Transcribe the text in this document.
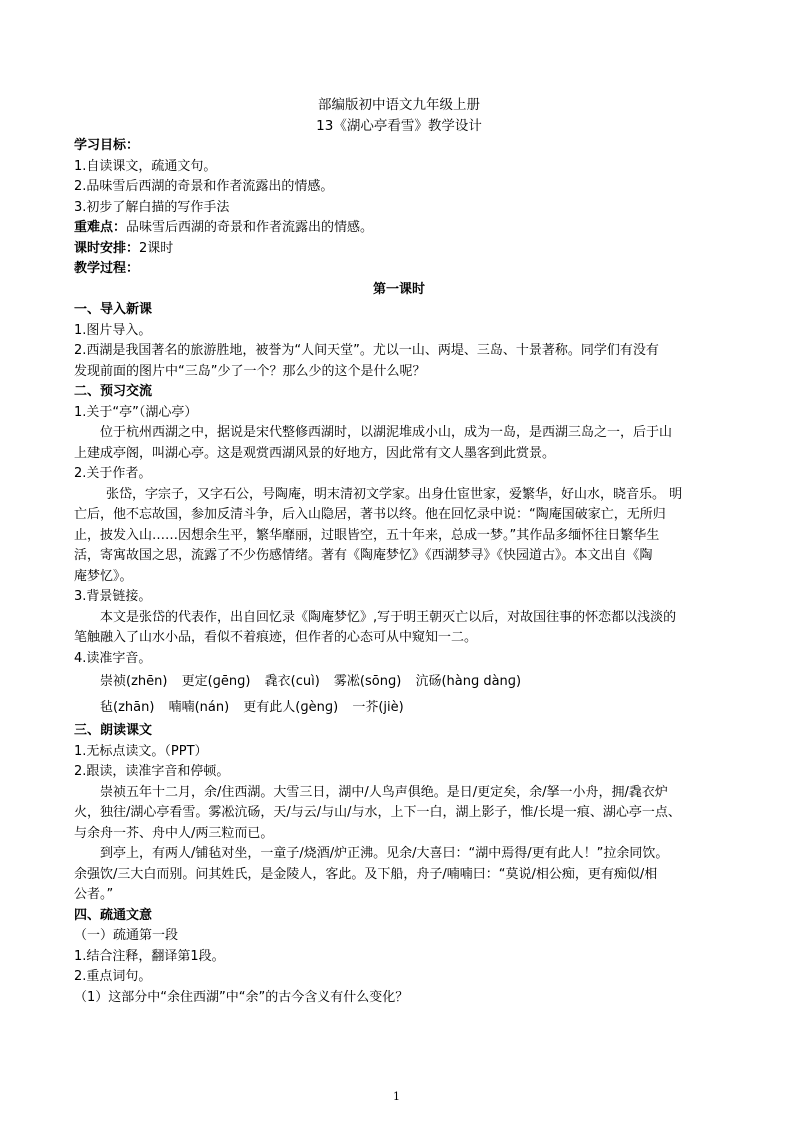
部编版初中语文九年级上册
13《湖心亭看雪》教学设计
学习目标：
1.自读课文，疏通文句。
2.品味雪后西湖的奇景和作者流露出的情感。
3.初步了解白描的写作手法
重难点：品味雪后西湖的奇景和作者流露出的情感。
课时安排：2课时
教学过程：
第一课时
一、导入新课
1.图片导入。
2.西湖是我国著名的旅游胜地，被誉为“人间天堂”。尤以一山、两堤、三岛、十景著称。同学们有没有
发现前面的图片中“三岛”少了一个？那么少的这个是什么呢？
二、预习交流
1.关于“亭”（湖心亭）
位于杭州西湖之中，据说是宋代整修西湖时，以湖泥堆成小山，成为一岛，是西湖三岛之一，后于山
上建成亭阁，叫湖心亭。这是观赏西湖风景的好地方，因此常有文人墨客到此赏景。
2.关于作者。
张岱，字宗子，又字石公，号陶庵，明末清初文学家。出身仕宦世家，爱繁华，好山水，晓音乐。 明
亡后，他不忘故国，参加反清斗争，后入山隐居，著书以终。他在回忆录中说：“陶庵国破家亡，无所归
止，披发入山……因想余生平，繁华靡丽，过眼皆空，五十年来，总成一梦。”其作品多缅怀往日繁华生
活，寄寓故国之思，流露了不少伤感情绪。著有《陶庵梦忆》《西湖梦寻》《快园道古》。本文出自《陶
庵梦忆》。
3.背景链接。
本文是张岱的代表作，出自回忆录《陶庵梦忆》,写于明王朝灭亡以后，对故国往事的怀恋都以浅淡的
笔触融入了山水小品，看似不着痕迹，但作者的心态可从中窥知一二。
4.读准字音。
崇祯(zhēn) 更定(ɡēnɡ) 毳衣(cuì) 雾凇(sōnɡ) 沆砀(hànɡ dànɡ)
毡(zhān) 喃喃(nán) 更有此人(ɡènɡ) 一芥(jiè)
三、朗读课文
1.无标点读文。（PPT）
2.跟读，读准字音和停顿。
崇祯五年十二月，余/住西湖。大雪三日，湖中/人鸟声俱绝。是日/更定矣，余/拏一小舟，拥/毳衣炉
火，独往/湖心亭看雪。雾凇沆砀，天/与云/与山/与水，上下一白，湖上影子，惟/长堤一痕、湖心亭一点、
与余舟一芥、舟中人/两三粒而已。
到亭上，有两人/铺毡对坐，一童子/烧酒/炉正沸。见余/大喜曰：“湖中焉得/更有此人！”拉余同饮。
余强饮/三大白而别。问其姓氏，是金陵人，客此。及下船，舟子/喃喃曰：“莫说/相公痴，更有痴似/相
公者。”
四、疏通文意
（一）疏通第一段
1.结合注释，翻译第1段。
2.重点词句。
（1）这部分中“余住西湖”中“余”的古今含义有什么变化？
1
